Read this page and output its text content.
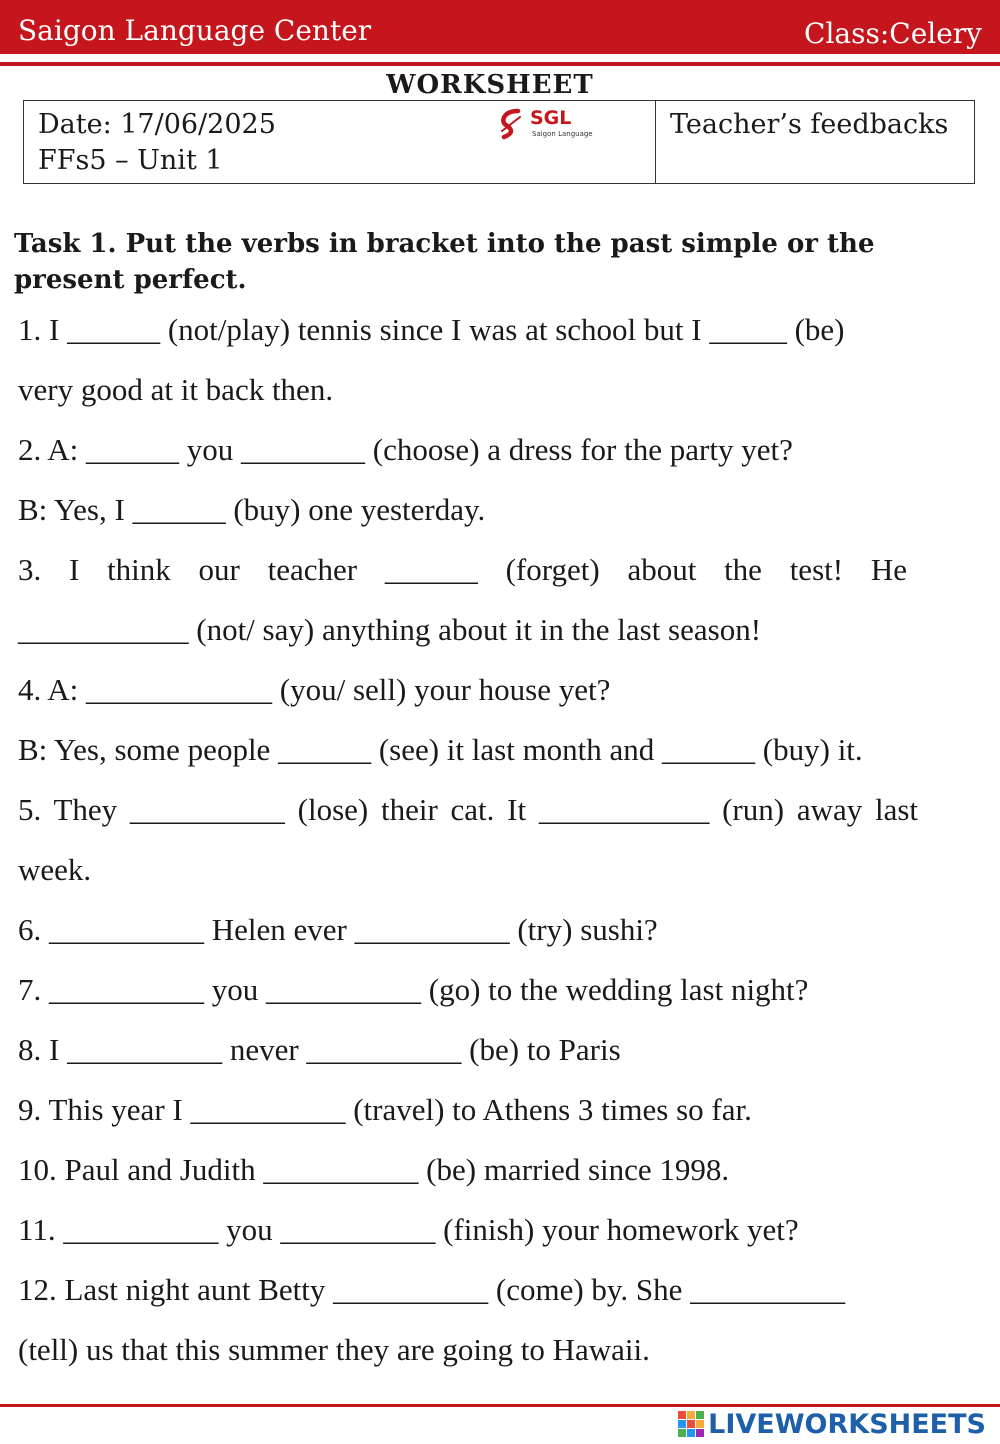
Saigon Language Center	Class:Celery
WORKSHEET
Date: 17/06/2025
FFs5 – Unit 1
SGL
Saigon Language	Teacher’s feedbacks
Task 1. Put the verbs in bracket into the past simple or the present perfect.
1. I ______ (not/play) tennis since I was at school but I _____ (be)
very good at it back then.
2. A: ______ you ________ (choose) a dress for the party yet?
B: Yes, I ______ (buy) one yesterday.
3. I think our teacher ______ (forget) about the test! He
___________ (not/ say) anything about it in the last season!
4. A: ____________ (you/ sell) your house yet?
B: Yes, some people ______ (see) it last month and ______ (buy) it.
5. They __________ (lose) their cat. It ___________ (run) away last
week.
6. __________ Helen ever __________ (try) sushi?
7. __________ you __________ (go) to the wedding last night?
8. I __________ never __________ (be) to Paris
9. This year I __________ (travel) to Athens 3 times so far.
10. Paul and Judith __________ (be) married since 1998.
11. __________ you __________ (finish) your homework yet?
12. Last night aunt Betty __________ (come) by. She __________
(tell) us that this summer they are going to Hawaii.
LIVEWORKSHEETS
